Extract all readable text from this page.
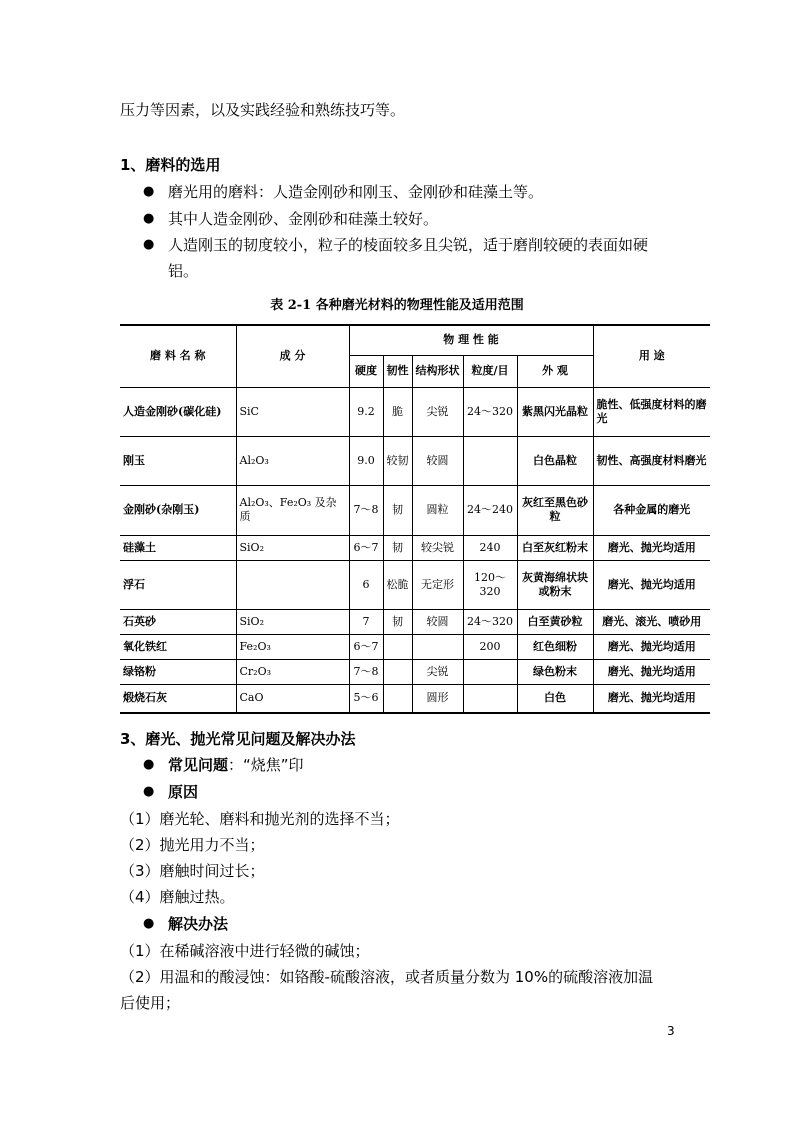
压力等因素，以及实践经验和熟练技巧等。
1、磨料的选用
● 磨光用的磨料：人造金刚砂和刚玉、金刚砂和硅藻土等。
● 其中人造金刚砂、金刚砂和硅藻土较好。
● 人造刚玉的韧度较小，粒子的棱面较多且尖锐，适于磨削较硬的表面如硬
铝。
表 2-1 各种磨光材料的物理性能及适用范围
磨 料 名 称	成 分	物 理 性 能					用 途
		硬度	韧性	结构形状	粒度/目	外 观	
人造金刚砂(碳化硅)	SiC	9.2	脆	尖锐	24～320	紫黑闪光晶粒	脆性、低强度材料的磨光
刚玉	Al₂O₃	9.0	较韧	较圆		白色晶粒	韧性、高强度材料磨光
金刚砂(杂刚玉)	Al₂O₃、Fe₂O₃ 及杂质	7～8	韧	圆粒	24～240	灰红至黑色砂粒	各种金属的磨光
硅藻土	SiO₂	6～7	韧	较尖锐	240	白至灰红粉末	磨光、抛光均适用
浮石		6	松脆	无定形	120～320	灰黄海绵状块或粉末	磨光、抛光均适用
石英砂	SiO₂	7	韧	较圆	24～320	白至黄砂粒	磨光、滚光、喷砂用
氧化铁红	Fe₂O₃	6～7			200	红色细粉	磨光、抛光均适用
绿铬粉	Cr₂O₃	7～8		尖锐		绿色粉末	磨光、抛光均适用
煅烧石灰	CaO	5～6		圆形		白色	磨光、抛光均适用
3、磨光、抛光常见问题及解决办法
● 常见问题：“烧焦”印
● 原因
（1）磨光轮、磨料和抛光剂的选择不当；
（2）抛光用力不当；
（3）磨触时间过长；
（4）磨触过热。
● 解决办法
（1）在稀碱溶液中进行轻微的碱蚀；
（2）用温和的酸浸蚀：如铬酸-硫酸溶液，或者质量分数为 10%的硫酸溶液加温
后使用；
3
